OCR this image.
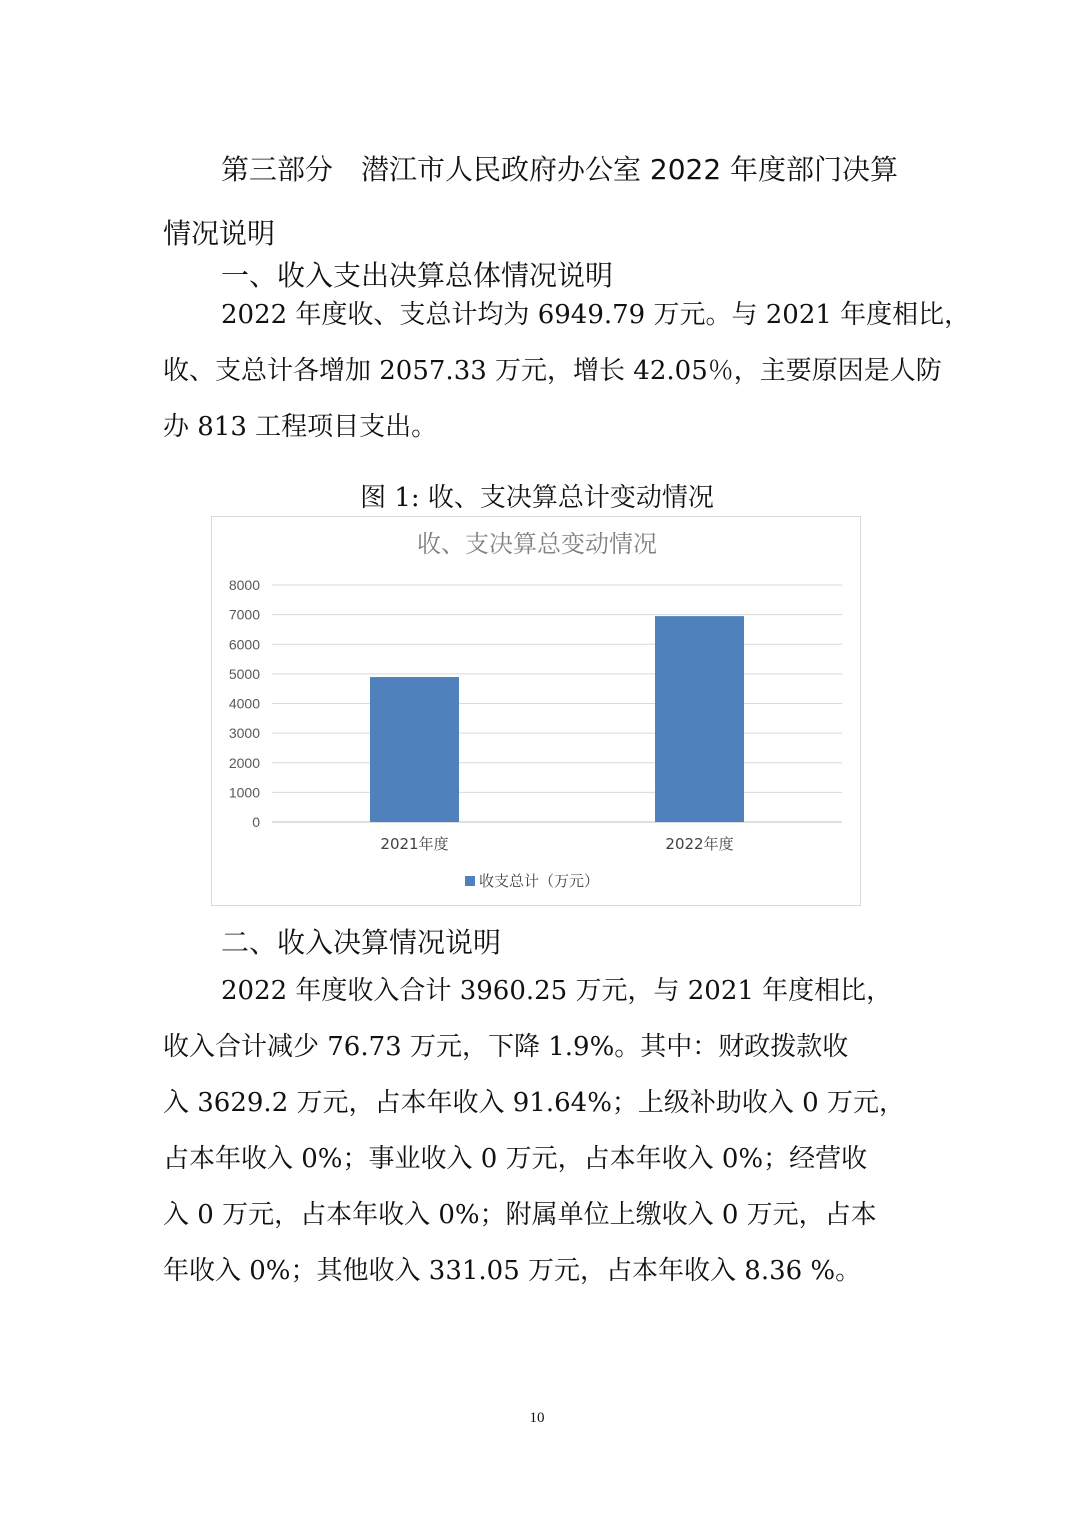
第三部分　潜江市人民政府办公室 2022 年度部门决算
情况说明
一、收入支出决算总体情况说明
2022 年度收、支总计均为 6949.79 万元。与 2021 年度相比，
收、支总计各增加 2057.33 万元，增长 42.05％，主要原因是人防
办 813 工程项目支出。

图 1: 收、支决算总计变动情况

收、支决算总变动情况
0
1000
2000
3000
4000
5000
6000
7000
8000
2021年度	2022年度
收支总计（万元）
二、收入决算情况说明
2022 年度收入合计 3960.25 万元，与 2021 年度相比，
收入合计减少 76.73 万元，下降 1.9%。其中：财政拨款收
入 3629.2 万元，占本年收入 91.64%；上级补助收入 0 万元，
占本年收入 0%；事业收入 0 万元，占本年收入 0%；经营收
入 0 万元，占本年收入 0%；附属单位上缴收入 0 万元，占本
年收入 0%；其他收入 331.05 万元，占本年收入 8.36 %。
10
